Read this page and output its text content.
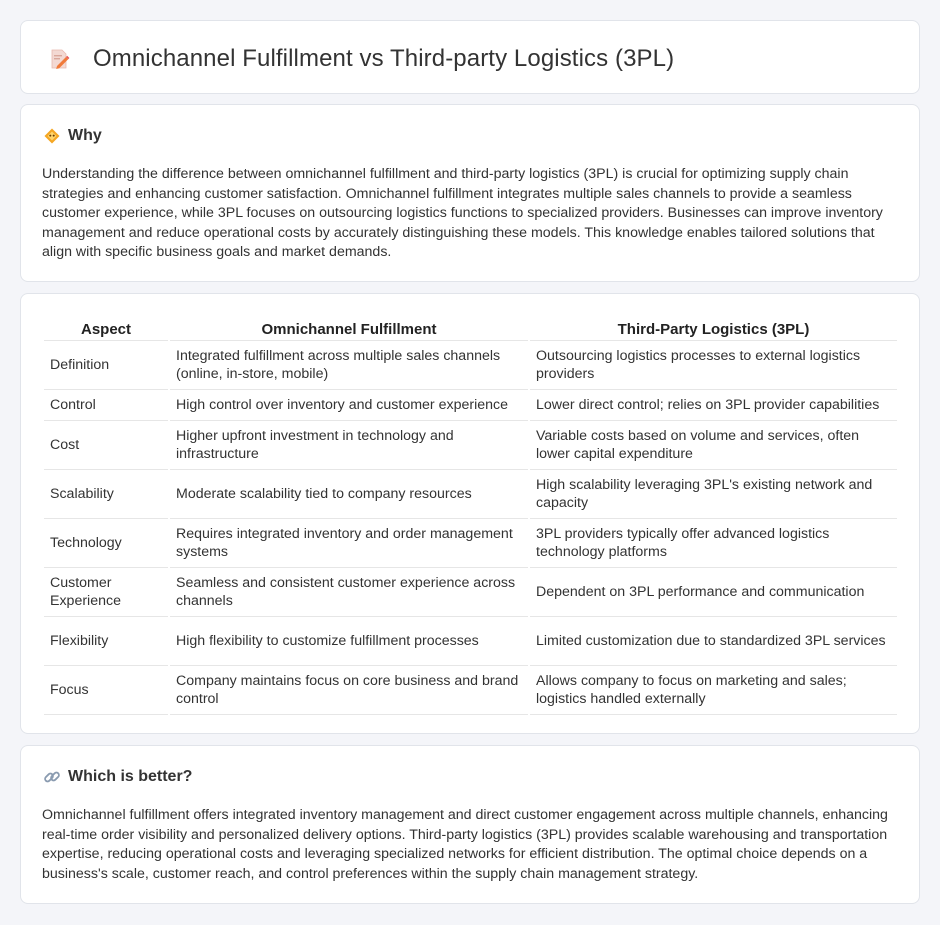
Omnichannel Fulfillment vs Third-party Logistics (3PL)
Why

Understanding the difference between omnichannel fulfillment and third-party logistics (3PL) is crucial for optimizing supply chain strategies and enhancing customer satisfaction. Omnichannel fulfillment integrates multiple sales channels to provide a seamless customer experience, while 3PL focuses on outsourcing logistics functions to specialized providers. Businesses can improve inventory management and reduce operational costs by accurately distinguishing these models. This knowledge enables tailored solutions that align with specific business goals and market demands.

Aspect	Omnichannel Fulfillment	Third-Party Logistics (3PL)
Definition	Integrated fulfillment across multiple sales channels (online, in-store, mobile)	Outsourcing logistics processes to external logistics providers
Control	High control over inventory and customer experience	Lower direct control; relies on 3PL provider capabilities
Cost	Higher upfront investment in technology and infrastructure	Variable costs based on volume and services, often lower capital expenditure
Scalability	Moderate scalability tied to company resources	High scalability leveraging 3PL's existing network and capacity
Technology	Requires integrated inventory and order management systems	3PL providers typically offer advanced logistics technology platforms
Customer Experience	Seamless and consistent customer experience across channels	Dependent on 3PL performance and communication
Flexibility	High flexibility to customize fulfillment processes	Limited customization due to standardized 3PL services
Focus	Company maintains focus on core business and brand control	Allows company to focus on marketing and sales; logistics handled externally
Which is better?

Omnichannel fulfillment offers integrated inventory management and direct customer engagement across multiple channels, enhancing real-time order visibility and personalized delivery options. Third-party logistics (3PL) provides scalable warehousing and transportation expertise, reducing operational costs and leveraging specialized networks for efficient distribution. The optimal choice depends on a business's scale, customer reach, and control preferences within the supply chain management strategy.
